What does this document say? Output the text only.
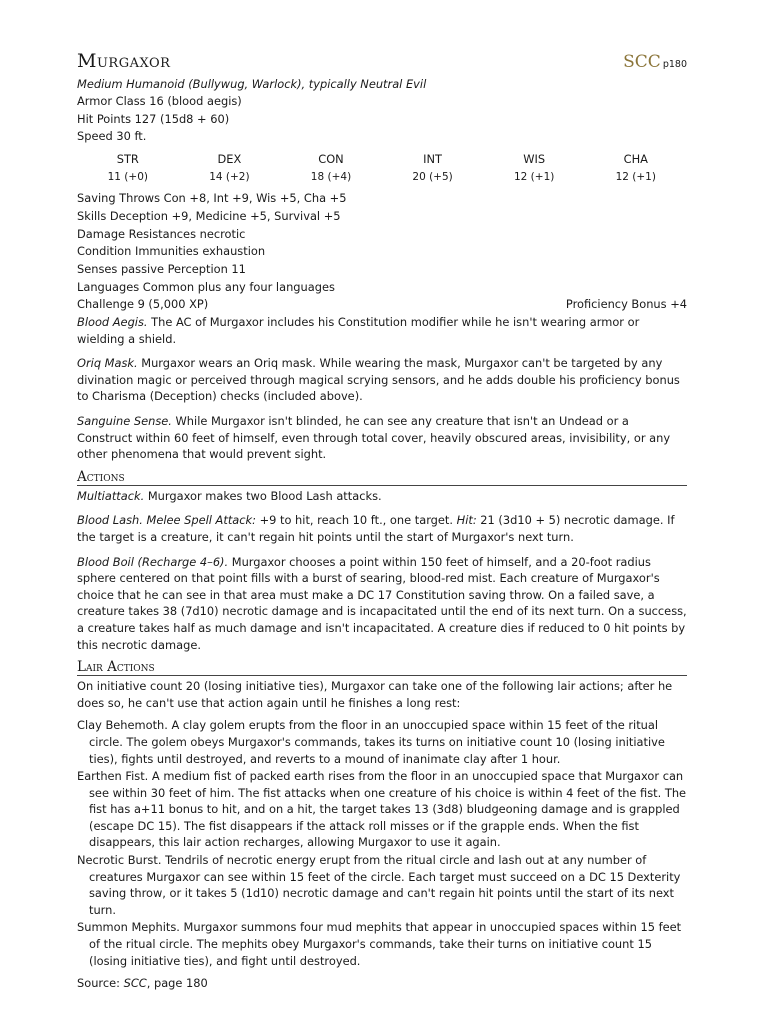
Murgaxor	SCC p180
Medium Humanoid (Bullywug, Warlock), typically Neutral Evil
Armor Class 16 (blood aegis)
Hit Points 127 (15d8 + 60)
Speed 30 ft.
STR
11 (+0)
DEX
14 (+2)
CON
18 (+4)
INT
20 (+5)
WIS
12 (+1)
CHA
12 (+1)
Saving Throws Con +8, Int +9, Wis +5, Cha +5
Skills Deception +9, Medicine +5, Survival +5
Damage Resistances necrotic
Condition Immunities exhaustion
Senses passive Perception 11
Languages Common plus any four languages
Challenge 9 (5,000 XP)	Proficiency Bonus +4
Blood Aegis. The AC of Murgaxor includes his Constitution modifier while he isn't wearing armor or wielding a shield.
Oriq Mask. Murgaxor wears an Oriq mask. While wearing the mask, Murgaxor can't be targeted by any divination magic or perceived through magical scrying sensors, and he adds double his proficiency bonus to Charisma (Deception) checks (included above).
Sanguine Sense. While Murgaxor isn't blinded, he can see any creature that isn't an Undead or a Construct within 60 feet of himself, even through total cover, heavily obscured areas, invisibility, or any other phenomena that would prevent sight.
Actions
Multiattack. Murgaxor makes two Blood Lash attacks.
Blood Lash. Melee Spell Attack: +9 to hit, reach 10 ft., one target. Hit: 21 (3d10 + 5) necrotic damage. If the target is a creature, it can't regain hit points until the start of Murgaxor's next turn.
Blood Boil (Recharge 4–6). Murgaxor chooses a point within 150 feet of himself, and a 20-foot radius sphere centered on that point fills with a burst of searing, blood-red mist. Each creature of Murgaxor's choice that he can see in that area must make a DC 17 Constitution saving throw. On a failed save, a creature takes 38 (7d10) necrotic damage and is incapacitated until the end of its next turn. On a success, a creature takes half as much damage and isn't incapacitated. A creature dies if reduced to 0 hit points by this necrotic damage.
Lair Actions
On initiative count 20 (losing initiative ties), Murgaxor can take one of the following lair actions; after he does so, he can't use that action again until he finishes a long rest:
Clay Behemoth. A clay golem erupts from the floor in an unoccupied space within 15 feet of the ritual circle. The golem obeys Murgaxor's commands, takes its turns on initiative count 10 (losing initiative ties), fights until destroyed, and reverts to a mound of inanimate clay after 1 hour.
Earthen Fist. A medium fist of packed earth rises from the floor in an unoccupied space that Murgaxor can see within 30 feet of him. The fist attacks when one creature of his choice is within 4 feet of the fist. The fist has a+11 bonus to hit, and on a hit, the target takes 13 (3d8) bludgeoning damage and is grappled (escape DC 15). The fist disappears if the attack roll misses or if the grapple ends. When the fist disappears, this lair action recharges, allowing Murgaxor to use it again.
Necrotic Burst. Tendrils of necrotic energy erupt from the ritual circle and lash out at any number of creatures Murgaxor can see within 15 feet of the circle. Each target must succeed on a DC 15 Dexterity saving throw, or it takes 5 (1d10) necrotic damage and can't regain hit points until the start of its next turn.
Summon Mephits. Murgaxor summons four mud mephits that appear in unoccupied spaces within 15 feet of the ritual circle. The mephits obey Murgaxor's commands, take their turns on initiative count 15 (losing initiative ties), and fight until destroyed.
Source: SCC, page 180
